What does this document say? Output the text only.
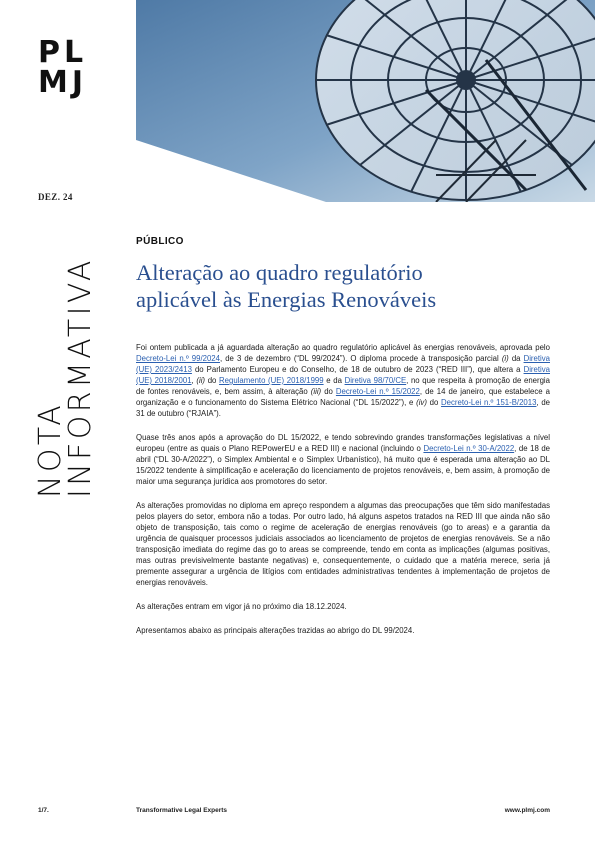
PL
MJ
DEZ. 24
NOTA
INFORMATIVA
PÚBLICO
Alteração ao quadro regulatório
aplicável às Energias Renováveis

Foi ontem publicada a já aguardada alteração ao quadro regulatório aplicável às energias renováveis, aprovada pelo Decreto-Lei n.º 99/2024, de 3 de dezembro (“DL 99/2024”). O diploma procede à transposição parcial (i) da Diretiva (UE) 2023/2413 do Parlamento Europeu e do Conselho, de 18 de outubro de 2023 (“RED III”), que altera a Diretiva (UE) 2018/2001, (ii) do Regulamento (UE) 2018/1999 e da Diretiva 98/70/CE, no que respeita à promoção de energia de fontes renováveis, e, bem assim, à alteração (iii) do Decreto-Lei n.º 15/2022, de 14 de janeiro, que estabelece a organização e o funcionamento do Sistema Elétrico Nacional (“DL 15/2022”), e (iv) do Decreto-Lei n.º 151-B/2013, de 31 de outubro (“RJAIA”).

Quase três anos após a aprovação do DL 15/2022, e tendo sobrevindo grandes transformações legislativas a nível europeu (entre as quais o Plano REPowerEU e a RED III) e nacional (incluindo o Decreto-Lei n.º 30-A/2022, de 18 de abril (“DL 30-A/2022”), o Simplex Ambiental e o Simplex Urbanístico), há muito que é esperada uma alteração ao DL 15/2022 tendente à simplificação e aceleração do licenciamento de projetos renováveis, e, bem assim, à promoção de maior uma segurança jurídica aos promotores do setor.

As alterações promovidas no diploma em apreço respondem a algumas das preocupações que têm sido manifestadas pelos players do setor, embora não a todas. Por outro lado, há alguns aspetos tratados na RED III que ainda não são objeto de transposição, tais como o regime de aceleração de energias renováveis (go to areas) e a garantia da urgência de quaisquer processos judiciais associados ao licenciamento de projetos de energias renováveis. Se a não transposição imediata do regime das go to areas se compreende, tendo em conta as implicações (algumas positivas, mas outras previsivelmente bastante negativas) e, consequentemente, o cuidado que a matéria merece, seria já premente assegurar a urgência de litígios com entidades administrativas tendentes à implementação de projetos de energias renováveis.

As alterações entram em vigor já no próximo dia 18.12.2024.

Apresentamos abaixo as principais alterações trazidas ao abrigo do DL 99/2024.

1/7.	Transformative Legal Experts	www.plmj.com
